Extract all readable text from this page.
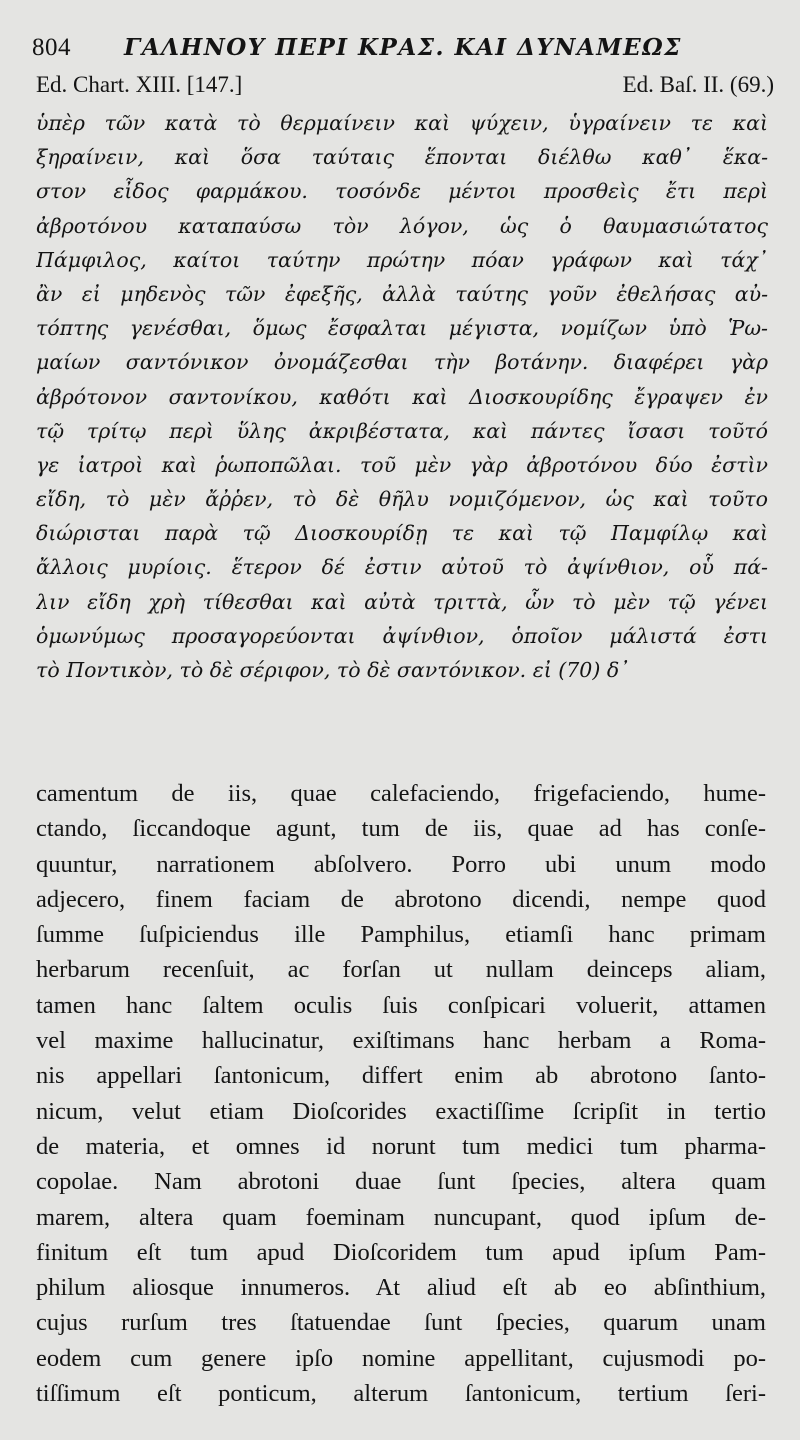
804 ΓΑΛΗΝΟΥ ΠΕΡΙ ΚΡΑΣ. ΚΑΙ ΔΥΝΑΜΕΩΣ
Ed. Chart. XIII. [147.]	Ed. Baſ. II. (69.)
ὑπὲρ τῶν κατὰ τὸ θερμαίνειν καὶ ψύχειν, ὑγραίνειν τε καὶ
ξηραίνειν, καὶ ὅσα ταύταις ἕπονται διέλθω καθ᾽ ἕκα-
στον εἶδος φαρμάκου. τοσόνδε μέντοι προσθεὶς ἔτι περὶ
ἀβροτόνου καταπαύσω τὸν λόγον, ὡς ὁ θαυμασιώτατος
Πάμφιλος, καίτοι ταύτην πρώτην πόαν γράφων καὶ τάχ᾽
ἂν εἰ μηδενὸς τῶν ἐφεξῆς, ἀλλὰ ταύτης γοῦν ἐθελήσας αὐ-
τόπτης γενέσθαι, ὅμως ἔσφαλται μέγιστα, νομίζων ὑπὸ Ῥω-
μαίων σαντόνικον ὀνομάζεσθαι τὴν βοτάνην. διαφέρει γὰρ
ἀβρότονον σαντονίκου, καθότι καὶ Διοσκουρίδης ἔγραψεν ἐν
τῷ τρίτῳ περὶ ὕλης ἀκριβέστατα, καὶ πάντες ἴσασι τοῦτό
γε ἰατροὶ καὶ ῥωποπῶλαι. τοῦ μὲν γὰρ ἀβροτόνου δύο ἐστὶν
εἴδη, τὸ μὲν ἄῤῥεν, τὸ δὲ θῆλυ νομιζόμενον, ὡς καὶ τοῦτο
διώρισται παρὰ τῷ Διοσκουρίδῃ τε καὶ τῷ Παμφίλῳ καὶ
ἄλλοις μυρίοις. ἕτερον δέ ἐστιν αὐτοῦ τὸ ἀψίνθιον, οὗ πά-
λιν εἴδη χρὴ τίθεσθαι καὶ αὐτὰ τριττὰ, ὧν τὸ μὲν τῷ γένει
ὁμωνύμως προσαγορεύονται ἀψίνθιον, ὁποῖον μάλιστά ἐστι
τὸ Ποντικὸν, τὸ δὲ σέριφον, τὸ δὲ σαντόνικον. εἰ (70) δ᾽
camentum de iis, quae calefaciendo, frigefaciendo, hume-
ctando, ſiccandoque agunt, tum de iis, quae ad has conſe-
quuntur, narrationem abſolvero. Porro ubi unum modo
adjecero, finem faciam de abrotono dicendi, nempe quod
ſumme ſuſpiciendus ille Pamphilus, etiamſi hanc primam
herbarum recenſuit, ac forſan ut nullam deinceps aliam,
tamen hanc ſaltem oculis ſuis conſpicari voluerit, attamen
vel maxime hallucinatur, exiſtimans hanc herbam a Roma-
nis appellari ſantonicum, differt enim ab abrotono ſanto-
nicum, velut etiam Dioſcorides exactiſſime ſcripſit in tertio
de materia, et omnes id norunt tum medici tum pharma-
copolae. Nam abrotoni duae ſunt ſpecies, altera quam
marem, altera quam foeminam nuncupant, quod ipſum de-
finitum eſt tum apud Dioſcoridem tum apud ipſum Pam-
philum aliosque innumeros. At aliud eſt ab eo abſinthium,
cujus rurſum tres ſtatuendae ſunt ſpecies, quarum unam
eodem cum genere ipſo nomine appellitant, cujusmodi po-
tiſſimum eſt ponticum, alterum ſantonicum, tertium ſeri-
